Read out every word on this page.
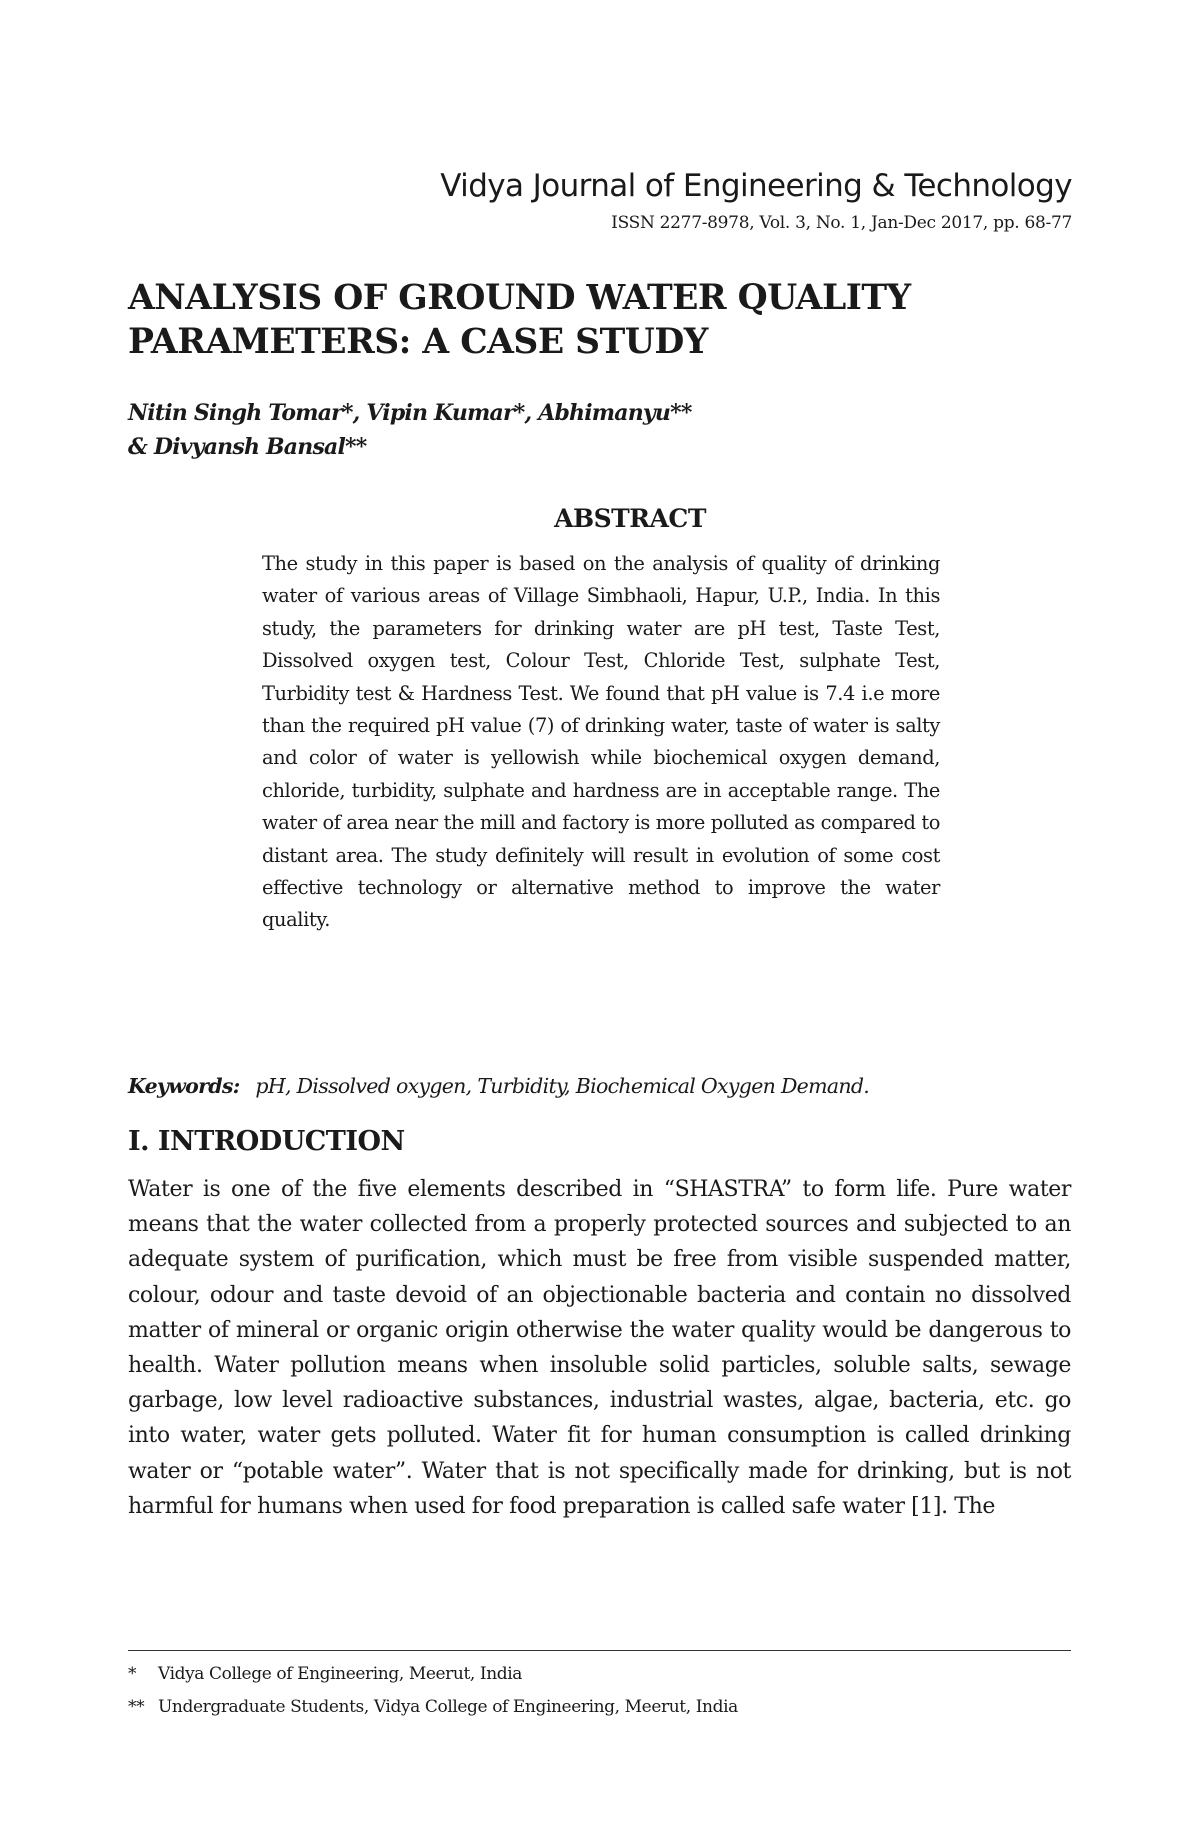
Vidya Journal of Engineering & Technology
ISSN 2277-8978, Vol. 3, No. 1, Jan-Dec 2017, pp. 68-77
ANALYSIS OF GROUND WATER QUALITY
PARAMETERS: A CASE STUDY
Nitin Singh Tomar*, Vipin Kumar*, Abhimanyu**
& Divyansh Bansal**
ABSTRACT

The study in this paper is based on the analysis of quality of drinking water of various areas of Village Simbhaoli, Hapur, U.P., India. In this study, the parameters for drinking water are pH test, Taste Test, Dissolved oxygen test, Colour Test, Chloride Test, sulphate Test, Turbidity test & Hardness Test. We found that pH value is 7.4 i.e more than the required pH value (7) of drinking water, taste of water is salty and color of water is yellowish while biochemical oxygen demand, chloride, turbidity, sulphate and hardness are in acceptable range. The water of area near the mill and factory is more polluted as compared to distant area. The study definitely will result in evolution of some cost effective technology or alternative method to improve the water quality.

Keywords: pH, Dissolved oxygen, Turbidity, Biochemical Oxygen Demand.
I. INTRODUCTION

Water is one of the five elements described in “SHASTRA” to form life. Pure water means that the water collected from a properly protected sources and subjected to an adequate system of purification, which must be free from visible suspended matter, colour, odour and taste devoid of an objectionable bacteria and contain no dissolved matter of mineral or organic origin otherwise the water quality would be dangerous to health. Water pollution means when insoluble solid particles, soluble salts, sewage garbage, low level radioactive substances, industrial wastes, algae, bacteria, etc. go into water, water gets polluted. Water fit for human consumption is called drinking water or “potable water”. Water that is not specifically made for drinking, but is not harmful for humans when used for food preparation is called safe water [1]. The

* Vidya College of Engineering, Meerut, India
** Undergraduate Students, Vidya College of Engineering, Meerut, India
